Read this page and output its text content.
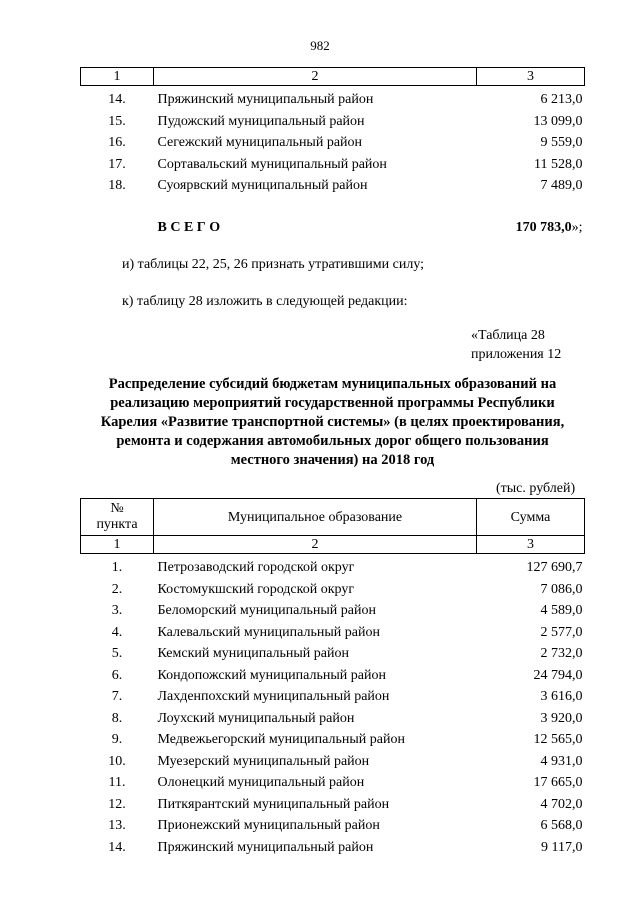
982
1	2	3

14.	Пряжинский муниципальный район	6 213,0
15.	Пудожский муниципальный район	13 099,0
16.	Сегежский муниципальный район	9 559,0
17.	Сортавальский муниципальный район	11 528,0
18.	Суоярвский муниципальный район	7 489,0

	В С Е Г О	170 783,0»;
и) таблицы 22, 25, 26 признать утратившими силу;
к) таблицу 28 изложить в следующей редакции:
«Таблица 28
приложения 12
Распределение субсидий бюджетам муниципальных образований на
реализацию мероприятий государственной программы Республики
Карелия «Развитие транспортной системы» (в целях проектирования,
ремонта и содержания автомобильных дорог общего пользования
местного значения) на 2018 год
(тыс. рублей)
№
пункта	Муниципальное образование	Сумма
1	2	3

1.	Петрозаводский городской округ	127 690,7
2.	Костомукшский городской округ	7 086,0
3.	Беломорский муниципальный район	4 589,0
4.	Калевальский муниципальный район	2 577,0
5.	Кемский муниципальный район	2 732,0
6.	Кондопожский муниципальный район	24 794,0
7.	Лахденпохский муниципальный район	3 616,0
8.	Лоухский муниципальный район	3 920,0
9.	Медвежьегорский муниципальный район	12 565,0
10.	Муезерский муниципальный район	4 931,0
11.	Олонецкий муниципальный район	17 665,0
12.	Питкярантский муниципальный район	4 702,0
13.	Прионежский муниципальный район	6 568,0
14.	Пряжинский муниципальный район	9 117,0
